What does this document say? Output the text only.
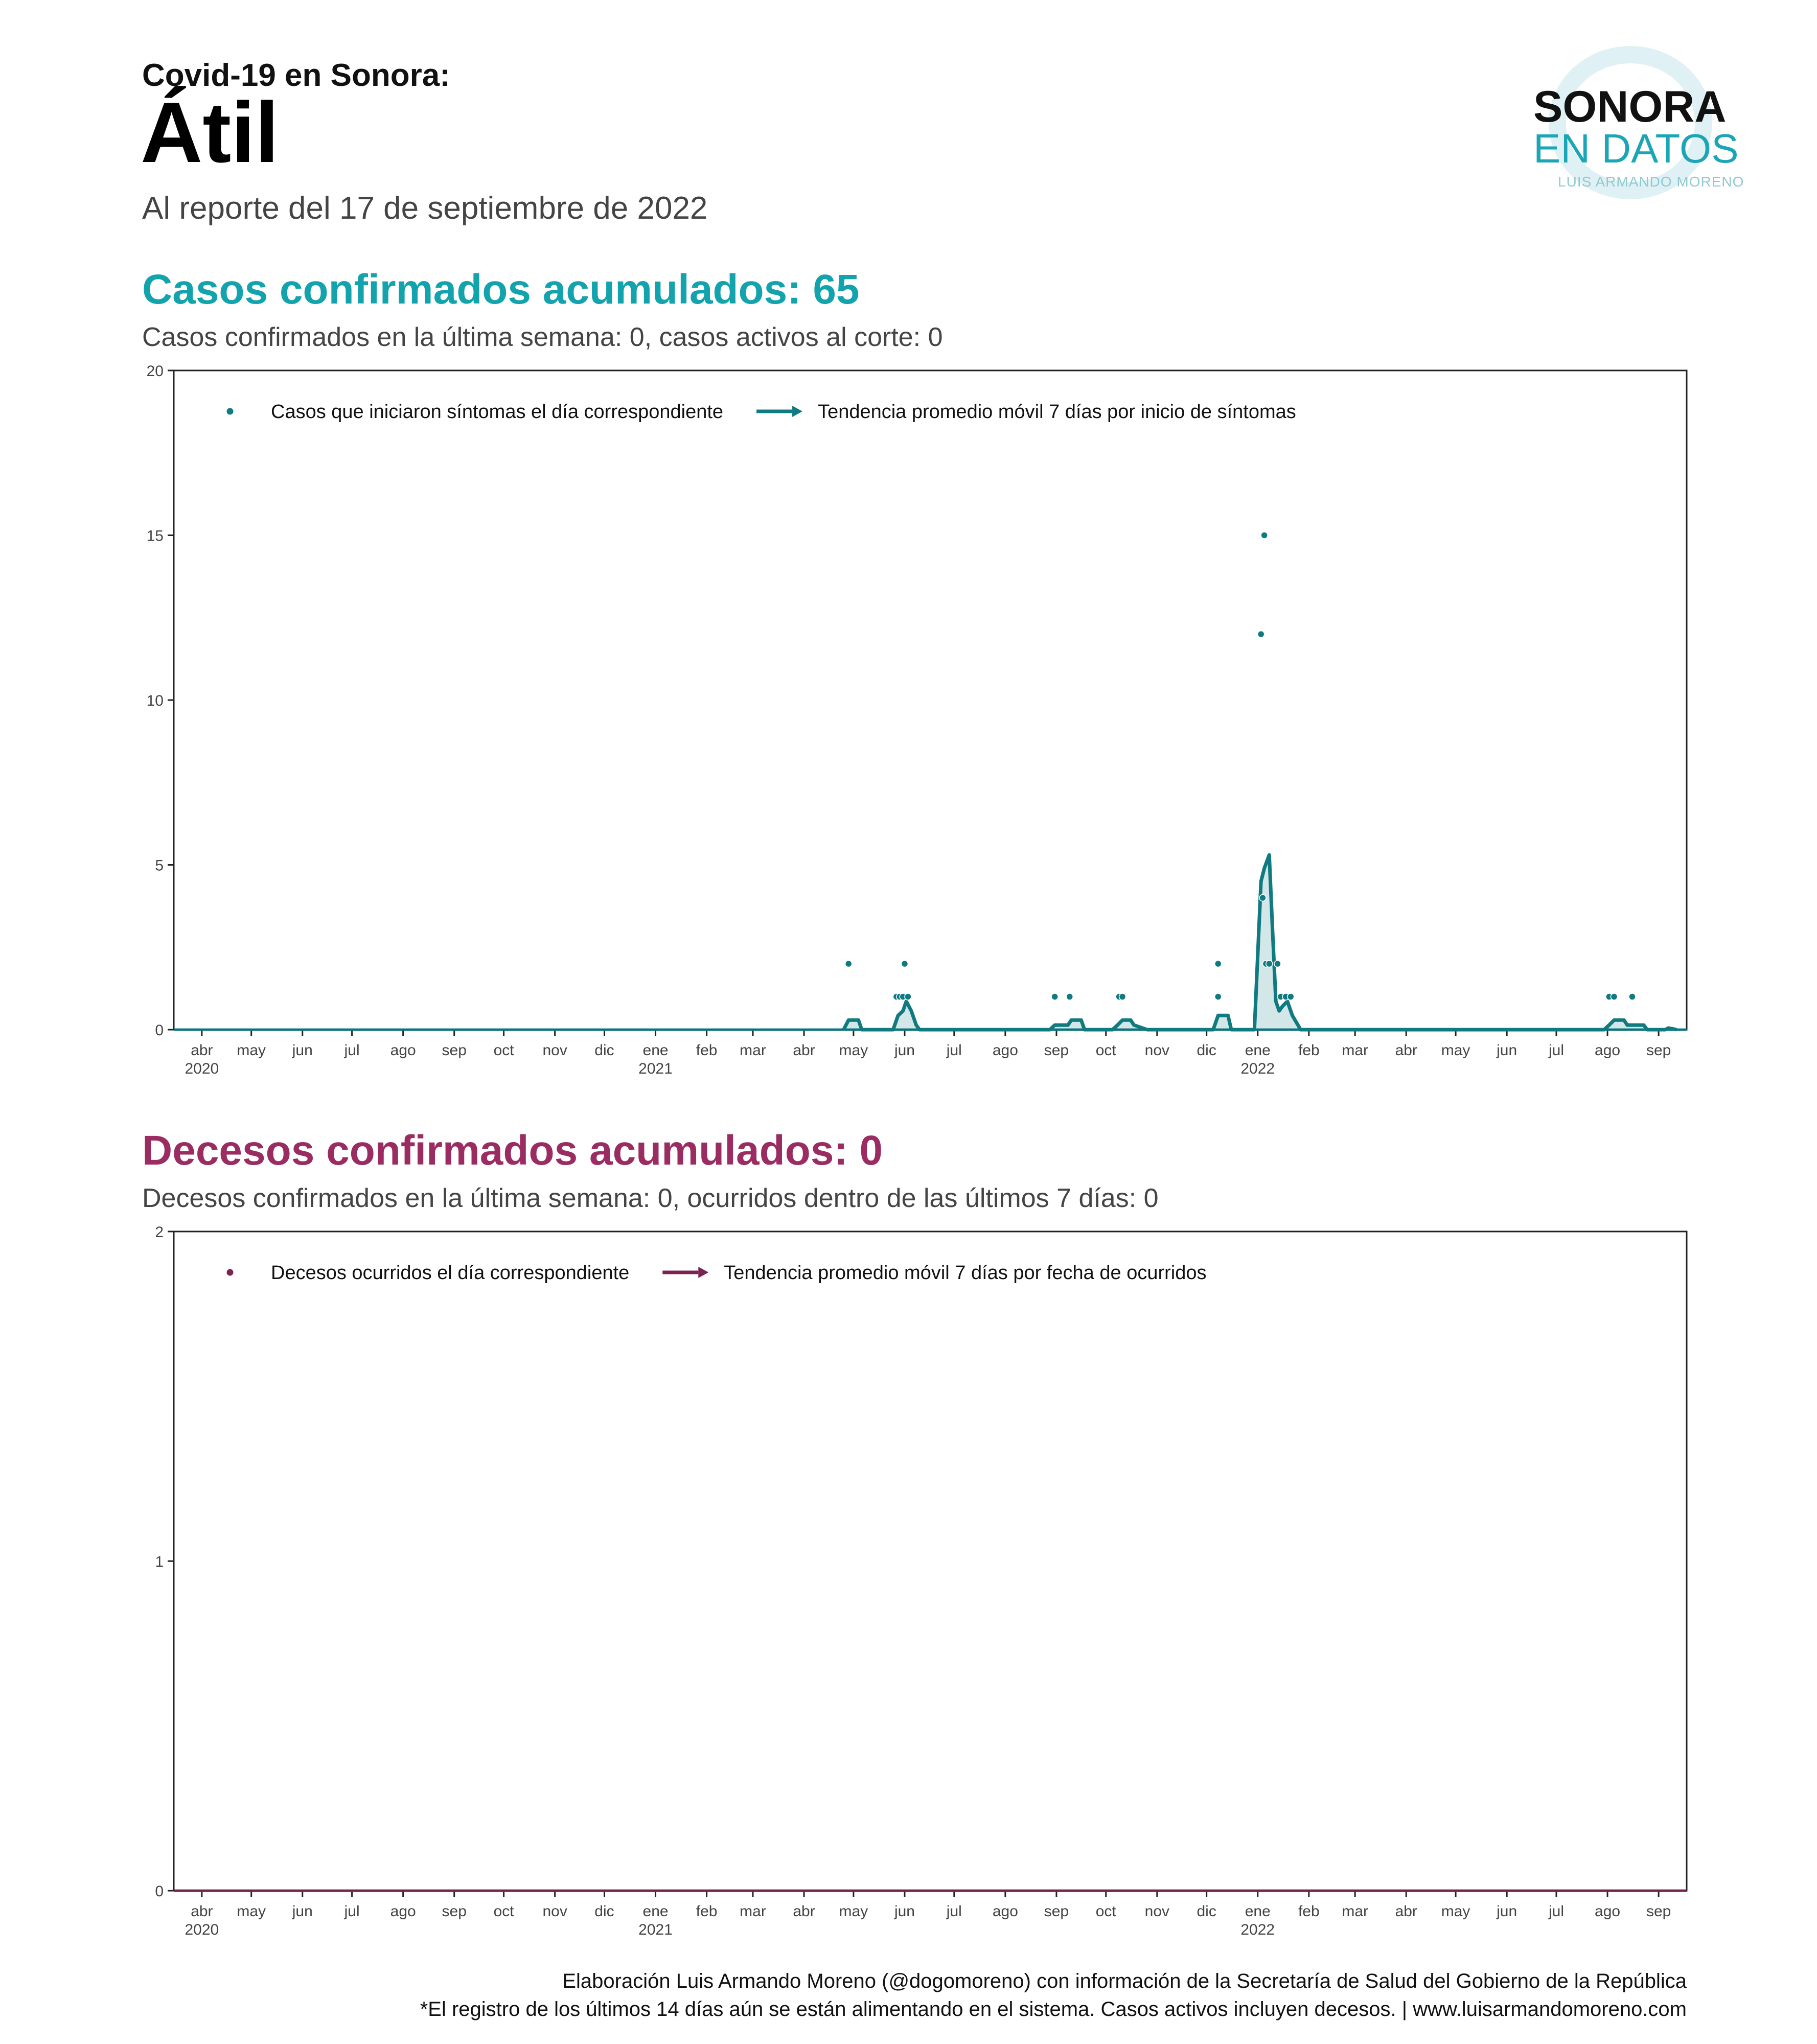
Covid-19 en Sonora:
Átil
Al reporte del 17 de septiembre de 2022
SONORA
EN DATOS
LUIS ARMANDO MORENO
Casos confirmados acumulados: 65
Casos confirmados en la última semana: 0, casos activos al corte: 0
0
5
10
15
20
abr may jun jul ago sep oct nov dic ene feb mar abr may jun jul ago sep oct nov dic ene feb mar abr may jun jul ago sep
2020	2021	2022
Casos que iniciaron síntomas el día correspondiente	Tendencia promedio móvil 7 días por inicio de síntomas
Decesos confirmados acumulados: 0
Decesos confirmados en la última semana: 0, ocurridos dentro de las últimos 7 días: 0
0
1
2
abr may jun jul ago sep oct nov dic ene feb mar abr may jun jul ago sep oct nov dic ene feb mar abr may jun jul ago sep
2020	2021	2022
Decesos ocurridos el día correspondiente	Tendencia promedio móvil 7 días por fecha de ocurridos
Elaboración Luis Armando Moreno (@dogomoreno) con información de la Secretaría de Salud del Gobierno de la República
*El registro de los últimos 14 días aún se están alimentando en el sistema. Casos activos incluyen decesos. | www.luisarmandomoreno.com
